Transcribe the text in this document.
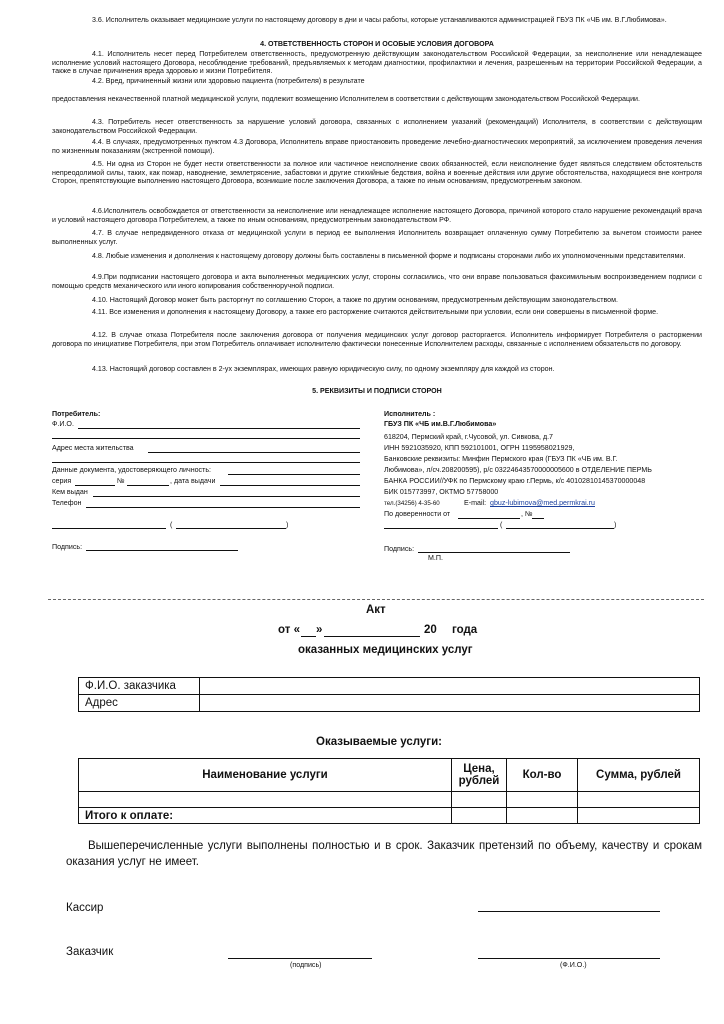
3.6. Исполнитель оказывает медицинские услуги по настоящему договору в дни и часы работы, которые устанавливаются администрацией ГБУЗ ПК «ЧБ им. В.Г.Любимова».
4. ОТВЕТСТВЕННОСТЬ СТОРОН И ОСОБЫЕ УСЛОВИЯ ДОГОВОРА
4.1. Исполнитель несет перед Потребителем ответственность, предусмотренную действующим законодательством Российской Федерации, за неисполнение или ненадлежащее исполнение условий настоящего Договора, несоблюдение требований, предъявляемых к методам диагностики, профилактики и лечения, разрешенным на территории Российской Федерации, а также в случае причинения вреда здоровью и жизни Потребителя.
4.2. Вред, причиненный жизни или здоровью пациента (потребителя) в результате
предоставления некачественной платной медицинской услуги, подлежит возмещению Исполнителем в соответствии с действующим законодательством Российской Федерации.
4.3. Потребитель несет ответственность за нарушение условий договора, связанных с исполнением указаний (рекомендаций) Исполнителя, в соответствии с действующим законодательством Российской Федерации.
4.4. В случаях, предусмотренных пунктом 4.3 Договора, Исполнитель вправе приостановить проведение лечебно-диагностических мероприятий, за исключением проведения лечения по жизненным показаниям (экстренной помощи).
4.5. Ни одна из Сторон не будет нести ответственности за полное или частичное неисполнение своих обязанностей, если неисполнение будет являться следствием обстоятельств непреодолимой силы, таких, как пожар, наводнение, землетрясение, забастовки и другие стихийные бедствия, война и военные действия или другие обстоятельства, находящиеся вне контроля Сторон, препятствующие выполнению настоящего Договора, возникшие после заключения Договора, а также по иным основаниям, предусмотренным законом.
4.6.Исполнитель освобождается от ответственности за неисполнение или ненадлежащее исполнение настоящего Договора, причиной которого стало нарушение рекомендаций врача и условий настоящего договора Потребителем, а также по иным основаниям, предусмотренным законодательством РФ.
4.7. В случае непредвиденного отказа от медицинской услуги в период ее выполнения Исполнитель возвращает оплаченную сумму Потребителю за вычетом стоимости ранее выполненных услуг.
4.8. Любые изменения и дополнения к настоящему договору должны быть составлены в письменной форме и подписаны сторонами либо их уполномоченными представителями.
4.9.При подписании настоящего договора и акта выполненных медицинских услуг, стороны согласились, что они вправе пользоваться факсимильным воспроизведением подписи с помощью средств механического или иного копирования собственноручной подписи.
4.10. Настоящий Договор может быть расторгнут по соглашению Сторон, а также по другим основаниям, предусмотренным действующим законодательством.
4.11. Все изменения и дополнения к настоящему Договору, а также его расторжение считаются действительными при условии, если они совершены в письменной форме.
4.12. В случае отказа Потребителя после заключения договора от получения медицинских услуг договор расторгается. Исполнитель информирует Потребителя о расторжении договора по инициативе Потребителя, при этом Потребитель оплачивает исполнителю фактически понесенные Исполнителем расходы, связанные с исполнением обязательств по договору.
4.13. Настоящий договор составлен в 2-ух экземплярах, имеющих равную юридическую силу, по одному экземпляру для каждой из сторон.
5. РЕКВИЗИТЫ И ПОДПИСИ СТОРОН
Потребитель:
Ф.И.О.
Адрес места жительства
Данные документа, удостоверяющего личность:
серия	№	, дата выдачи
Кем выдан
Телефон
(	)
Подпись:
Исполнитель :
ГБУЗ ПК «ЧБ им.В.Г.Любимова»
618204, Пермский край, г.Чусовой, ул. Сивкова, д.7
ИНН 5921035920, КПП 592101001, ОГРН 1195958021929,
Банковские реквизиты: Минфин Пермского края (ГБУЗ ПК «ЧБ им. В.Г.
Любимова», л/сч.208200595), р/с 03224643570000005600 в ОТДЕЛЕНИЕ ПЕРМЬ
БАНКА РОССИИ//УФК по Пермскому краю г.Пермь, к/с 40102810145370000048
БИК 015773997, ОКТМО 57758000
тел.(34256) 4-35-60	E-mail: gbuz-lubimova@med.permkrai.ru
По доверенности от	, №
(	)
Подпись:
М.П.
Акт
от « »	20 года
оказанных медицинских услуг
Ф.И.О. заказчика	
Адрес	
Оказываемые услуги:
Наименование услуги	Цена, рублей	Кол-во	Сумма, рублей

Итого к оплате:			
Вышеперечисленные услуги выполнены полностью и в срок. Заказчик претензий по объему, качеству и срокам оказания услуг не имеет.
Кассир
Заказчик
(подпись)	(Ф.И.О.)
